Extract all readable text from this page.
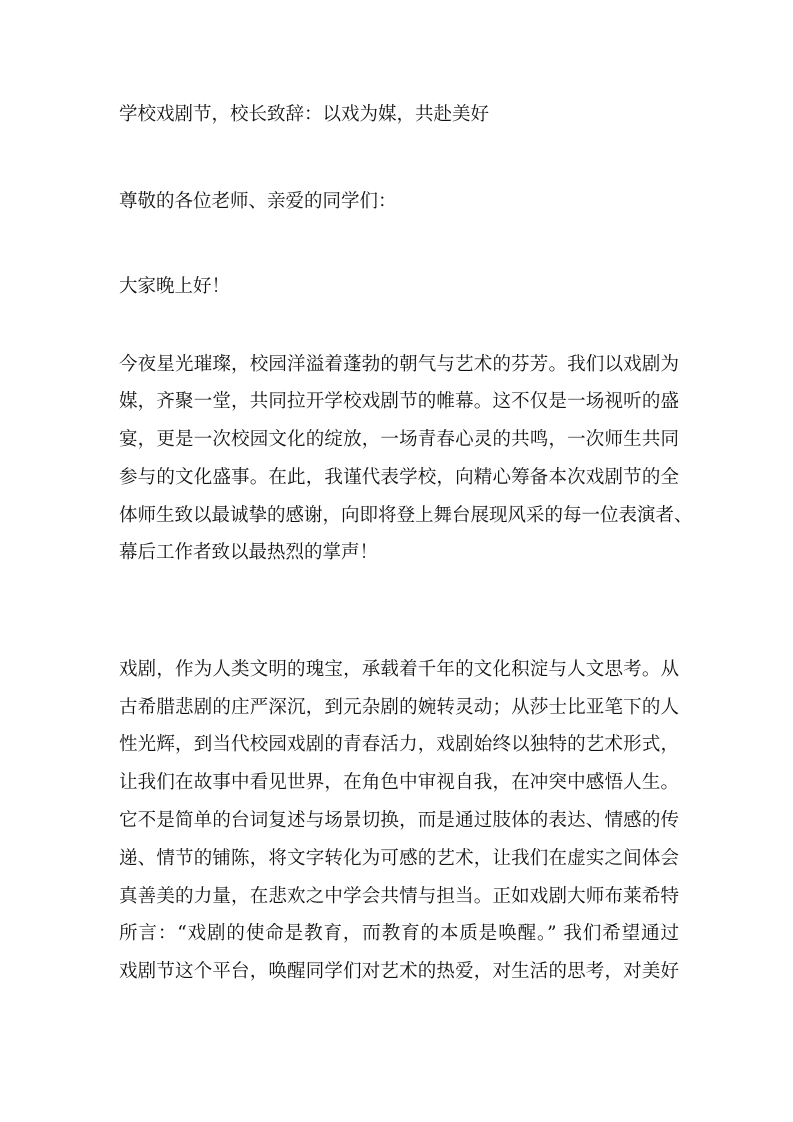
学校戏剧节，校长致辞：以戏为媒，共赴美好
尊敬的各位老师、亲爱的同学们：
大家晚上好！
今夜星光璀璨，校园洋溢着蓬勃的朝气与艺术的芬芳。我们以戏剧为
媒，齐聚一堂，共同拉开学校戏剧节的帷幕。这不仅是一场视听的盛
宴，更是一次校园文化的绽放，一场青春心灵的共鸣，一次师生共同
参与的文化盛事。在此，我谨代表学校，向精心筹备本次戏剧节的全
体师生致以最诚挚的感谢，向即将登上舞台展现风采的每一位表演者、
幕后工作者致以最热烈的掌声！
戏剧，作为人类文明的瑰宝，承载着千年的文化积淀与人文思考。从
古希腊悲剧的庄严深沉，到元杂剧的婉转灵动；从莎士比亚笔下的人
性光辉，到当代校园戏剧的青春活力，戏剧始终以独特的艺术形式，
让我们在故事中看见世界，在角色中审视自我，在冲突中感悟人生。
它不是简单的台词复述与场景切换，而是通过肢体的表达、情感的传
递、情节的铺陈，将文字转化为可感的艺术，让我们在虚实之间体会
真善美的力量，在悲欢之中学会共情与担当。正如戏剧大师布莱希特
所言：“戏剧的使命是教育，而教育的本质是唤醒。” 我们希望通过
戏剧节这个平台，唤醒同学们对艺术的热爱，对生活的思考，对美好
